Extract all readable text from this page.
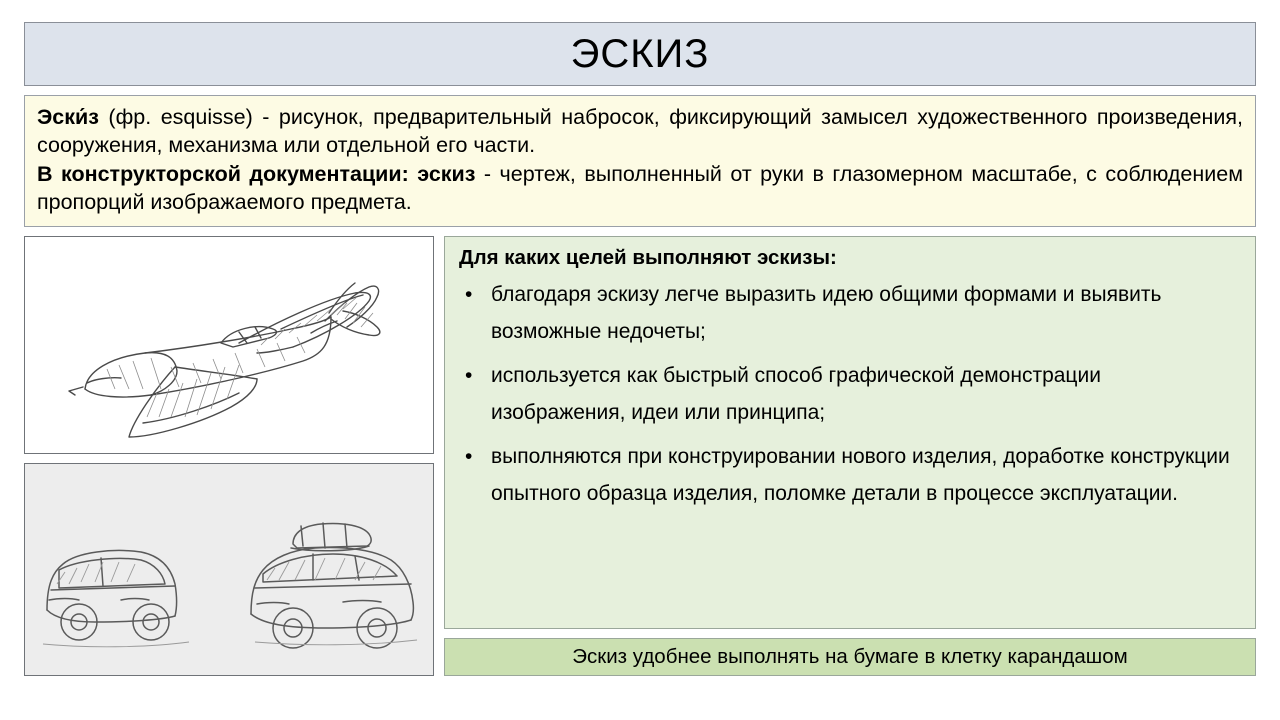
ЭСКИЗ

Эски́з (фр. esquisse) - рисунок, предварительный набросок, фиксирующий замысел художественного произведения, сооружения, механизма или отдельной его части.

В конструкторской документации: эскиз - чертеж, выполненный от руки в глазомерном масштабе, с соблюдением пропорций изображаемого предмета.

Для каких целей выполняют эскизы:

• благодаря эскизу легче выразить идею общими формами и выявить возможные недочеты;
• используется как быстрый способ графической демонстрации изображения, идеи или принципа;
• выполняются при конструировании нового изделия, доработке конструкции опытного образца изделия, поломке детали в процессе эксплуатации.
Эскиз удобнее выполнять на бумаге в клетку карандашом
